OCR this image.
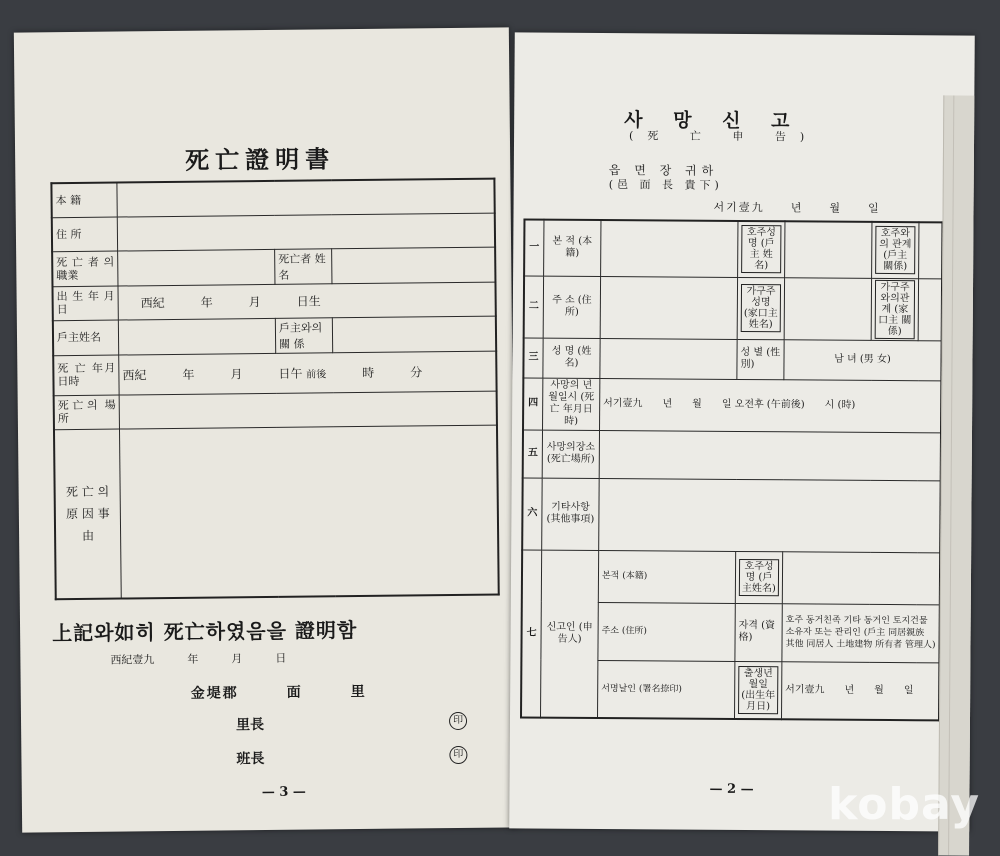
死亡證明書
本 籍			
住 所			
死亡者의 職業		死亡者 姓 名	
出 生 年 月 日	西紀　　　年　　　月　　　日生		
戶主姓名		戶主와의 關 係	
死 亡 年月日時	西紀　　　年　　　月　　　日午 前後　　　 時　　　分		
死亡의 場 所			
死 亡 의 原 因 事 由			
上記와如히 死亡하였음을 證明함
西紀壹九　　　年　　　月　　　日
金堤郡　　　面　　　里
里長	印
班長	印
— 3 —
사 망 신 고
(死 亡 申 告)
읍 면 장 귀하
(邑 面 長 貴下)
서기壹九　　년　　월　　일
一	본 적 (本 籍)		호주성명 (戶主 姓名)		호주와의 관계 (戶主 關係)	
二	주 소 (住 所)		가구주 성명 (家口主 姓名)		가구주와의관계 (家口主 關係)	
三	성 명 (姓 名)		성 별 (性 別)	남 녀 (男 女)		
四	사망의 년월일시 (死亡 年月日時)	서기壹九　　년　　월　　일 오전후 (午前後)　　시 (時)				
五	사망의장소 (死亡場所)					
六	기타사항 (其他事項)					
七	신고인 (申告人)	본적 (本籍)	호주성명 (戶主姓名)			
		주소 (住所)	자격 (資格)	호주 동거친족 기타 동거인 토지건물소유자 또는 관리인 (戶主 同居親族 其他 同居人 土地建物 所有者 管理人)		
		서명날인 (署名捺印)	출생년월일 (出生年月日)	서기壹九　　년　　월　　일		
— 2 — kobay
